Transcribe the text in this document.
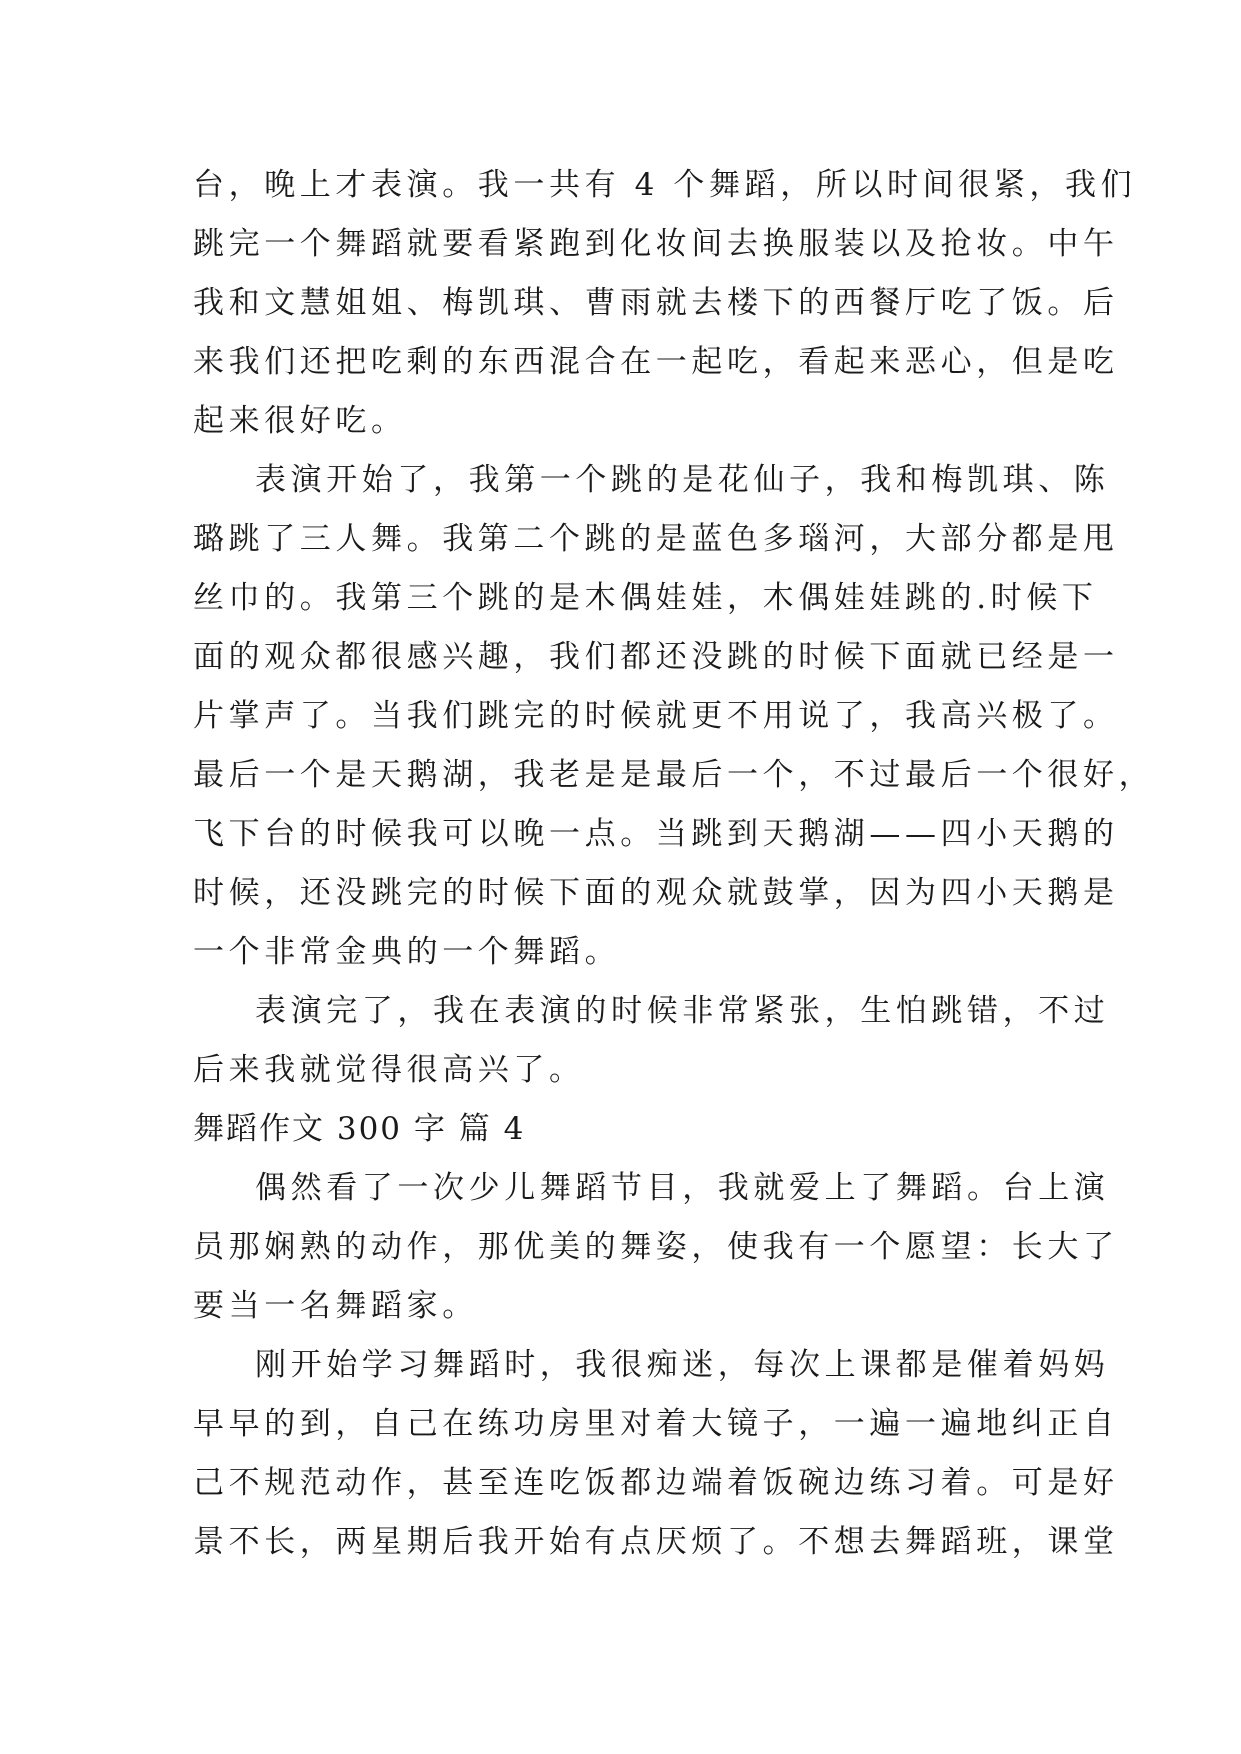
台，晚上才表演。我一共有 4 个舞蹈，所以时间很紧，我们
跳完一个舞蹈就要看紧跑到化妆间去换服装以及抢妆。中午
我和文慧姐姐、梅凯琪、曹雨就去楼下的西餐厅吃了饭。后
来我们还把吃剩的东西混合在一起吃，看起来恶心，但是吃
起来很好吃。
表演开始了，我第一个跳的是花仙子，我和梅凯琪、陈
璐跳了三人舞。我第二个跳的是蓝色多瑙河，大部分都是甩
丝巾的。我第三个跳的是木偶娃娃，木偶娃娃跳的.时候下
面的观众都很感兴趣，我们都还没跳的时候下面就已经是一
片掌声了。当我们跳完的时候就更不用说了，我高兴极了。
最后一个是天鹅湖，我老是是最后一个，不过最后一个很好，
飞下台的时候我可以晚一点。当跳到天鹅湖——四小天鹅的
时候，还没跳完的时候下面的观众就鼓掌，因为四小天鹅是
一个非常金典的一个舞蹈。
表演完了，我在表演的时候非常紧张，生怕跳错，不过
后来我就觉得很高兴了。
舞蹈作文 300 字 篇 4
偶然看了一次少儿舞蹈节目，我就爱上了舞蹈。台上演
员那娴熟的动作，那优美的舞姿，使我有一个愿望：长大了
要当一名舞蹈家。
刚开始学习舞蹈时，我很痴迷，每次上课都是催着妈妈
早早的到，自己在练功房里对着大镜子，一遍一遍地纠正自
己不规范动作，甚至连吃饭都边端着饭碗边练习着。可是好
景不长，两星期后我开始有点厌烦了。不想去舞蹈班，课堂
